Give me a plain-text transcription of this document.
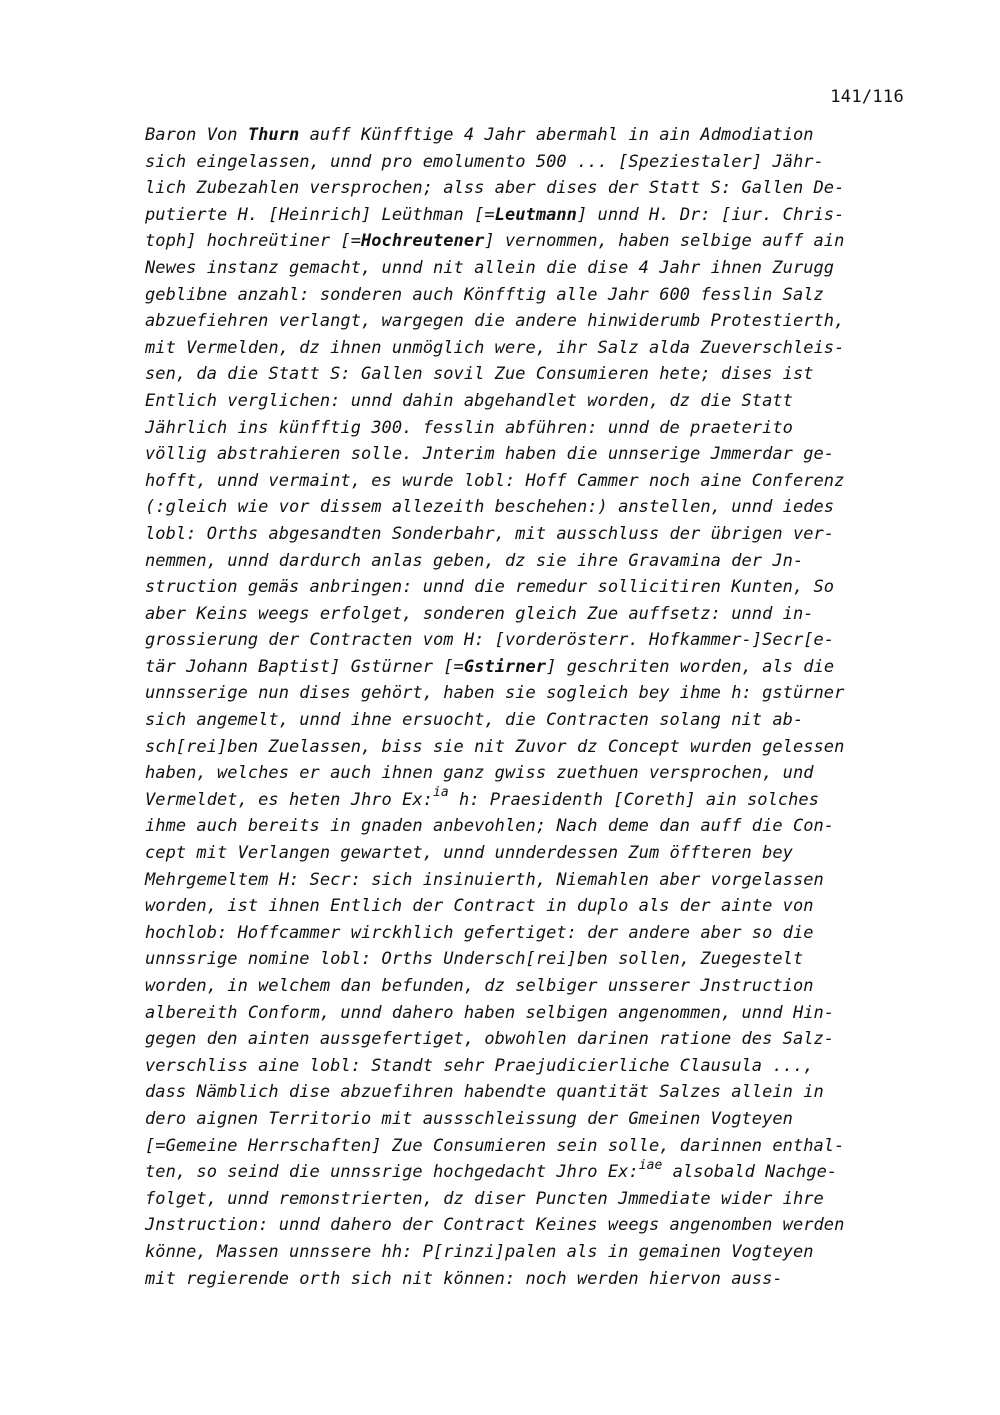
141/116
Baron Von Thurn auff Künfftige 4 Jahr abermahl in ain Admodiation
sich eingelassen, unnd pro emolumento 500 ... [Speziestaler] Jähr-
lich Zubezahlen versprochen; alss aber dises der Statt S: Gallen De-
putierte H. [Heinrich] Leüthman [=Leutmann] unnd H. Dr: [iur. Chris-
toph] hochreütiner [=Hochreutener] vernommen, haben selbige auff ain
Newes instanz gemacht, unnd nit allein die dise 4 Jahr ihnen Zurugg
geblibne anzahl: sonderen auch Könfftig alle Jahr 600 fesslin Salz
abzuefiehren verlangt, wargegen die andere hinwiderumb Protestierth,
mit Vermelden, dz ihnen unmöglich were, ihr Salz alda Zueverschleis-
sen, da die Statt S: Gallen sovil Zue Consumieren hete; dises ist
Entlich verglichen: unnd dahin abgehandlet worden, dz die Statt
Jährlich ins künfftig 300. fesslin abführen: unnd de praeterito
völlig abstrahieren solle. Jnterim haben die unnserige Jmmerdar ge-
hofft, unnd vermaint, es wurde lobl: Hoff Cammer noch aine Conferenz
(:gleich wie vor dissem allezeith beschehen:) anstellen, unnd iedes
lobl: Orths abgesandten Sonderbahr, mit ausschluss der übrigen ver-
nemmen, unnd dardurch anlas geben, dz sie ihre Gravamina der Jn-
struction gemäs anbringen: unnd die remedur sollicitiren Kunten, So
aber Keins weegs erfolget, sonderen gleich Zue auffsetz: unnd in-
grossierung der Contracten vom H: [vorderösterr. Hofkammer-]Secr[e-
tär Johann Baptist] Gstürner [=Gstirner] geschriten worden, als die
unnsserige nun dises gehört, haben sie sogleich bey ihme h: gstürner
sich angemelt, unnd ihne ersuocht, die Contracten solang nit ab-
sch[rei]ben Zuelassen, biss sie nit Zuvor dz Concept wurden gelessen
haben, welches er auch ihnen ganz gwiss zuethuen versprochen, und
Vermeldet, es heten Jhro Ex:$^{ia}$ h: Praesidenth [Coreth] ain solches
ihme auch bereits in gnaden anbevohlen; Nach deme dan auff die Con-
cept mit Verlangen gewartet, unnd unnderdessen Zum öffteren bey
Mehrgemeltem H: Secr: sich insinuierth, Niemahlen aber vorgelassen
worden, ist ihnen Entlich der Contract in duplo als der ainte von
hochlob: Hoffcammer wirckhlich gefertiget: der andere aber so die
unnssrige nomine lobl: Orths Undersch[rei]ben sollen, Zuegestelt
worden, in welchem dan befunden, dz selbiger unsserer Jnstruction
albereith Conform, unnd dahero haben selbigen angenommen, unnd Hin-
gegen den ainten aussgefertiget, obwohlen darinen ratione des Salz-
verschliss aine lobl: Standt sehr Praejudicierliche Clausula ...,
dass Nämblich dise abzuefihren habendte quantität Salzes allein in
dero aignen Territorio mit aussschleissung der Gmeinen Vogteyen
[=Gemeine Herrschaften] Zue Consumieren sein solle, darinnen enthal-
ten, so seind die unnssrige hochgedacht Jhro Ex:$^{iae}$ alsobald Nachge-
folget, unnd remonstrierten, dz diser Puncten Jmmediate wider ihre
Jnstruction: unnd dahero der Contract Keines weegs angenomben werden
könne, Massen unnssere hh: P[rinzi]palen als in gemainen Vogteyen
mit regierende orth sich nit können: noch werden hiervon auss-
